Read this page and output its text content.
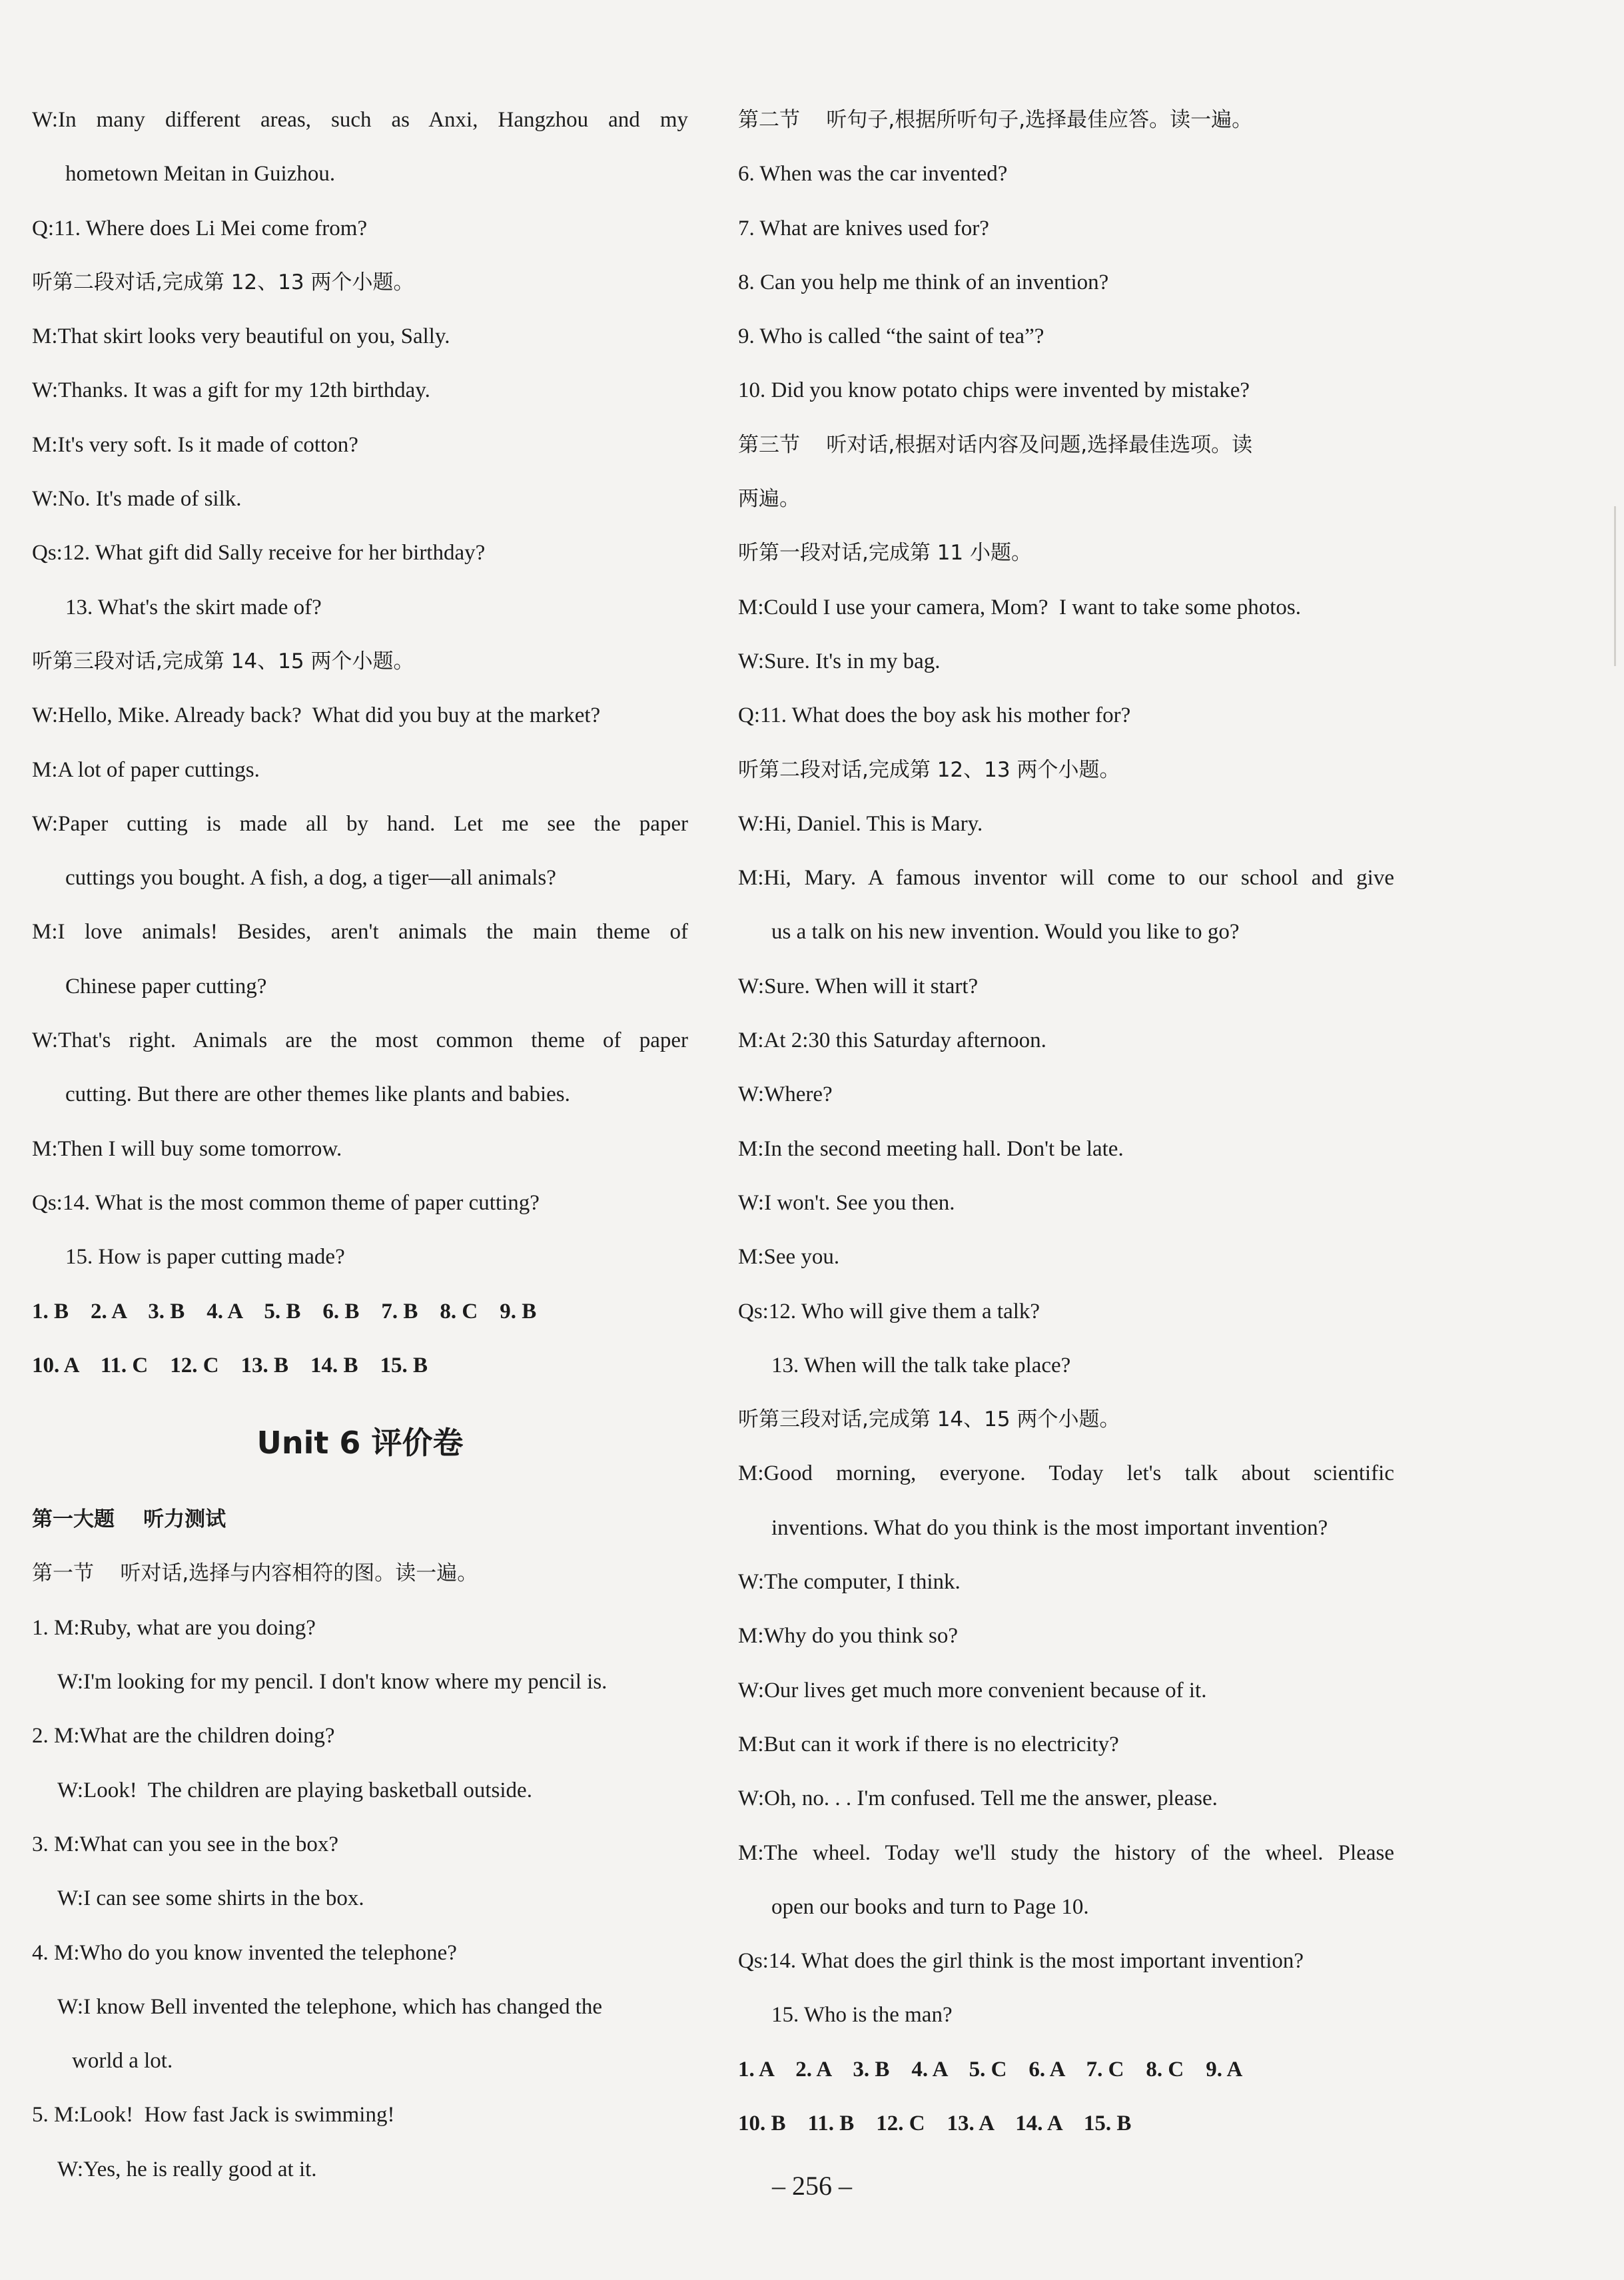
W:In many different areas, such as Anxi, Hangzhou and my
hometown Meitan in Guizhou.
Q:11. Where does Li Mei come from?
听第二段对话,完成第 12、13 两个小题。
M:That skirt looks very beautiful on you, Sally.
W:Thanks. It was a gift for my 12th birthday.
M:It's very soft. Is it made of cotton?
W:No. It's made of silk.
Qs:12. What gift did Sally receive for her birthday?
13. What's the skirt made of?
听第三段对话,完成第 14、15 两个小题。
W:Hello, Mike. Already back?  What did you buy at the market?
M:A lot of paper cuttings.
W:Paper cutting is made all by hand. Let me see the paper
cuttings you bought. A fish, a dog, a tiger—all animals?
M:I love animals! Besides, aren't animals the main theme of
Chinese paper cutting?
W:That's right. Animals are the most common theme of paper
cutting. But there are other themes like plants and babies.
M:Then I will buy some tomorrow.
Qs:14. What is the most common theme of paper cutting?
15. How is paper cutting made?
1. B    2. A    3. B    4. A    5. B    6. B    7. B    8. C    9. B
10. A    11. C    12. C    13. B    14. B    15. B
Unit 6 评价卷
第一大题    听力测试
第一节    听对话,选择与内容相符的图。读一遍。
1. M:Ruby, what are you doing?
W:I'm looking for my pencil. I don't know where my pencil is.
2. M:What are the children doing?
W:Look!  The children are playing basketball outside.
3. M:What can you see in the box?
W:I can see some shirts in the box.
4. M:Who do you know invented the telephone?
W:I know Bell invented the telephone, which has changed the
world a lot.
5. M:Look!  How fast Jack is swimming!
W:Yes, he is really good at it.
第二节    听句子,根据所听句子,选择最佳应答。读一遍。
6. When was the car invented?
7. What are knives used for?
8. Can you help me think of an invention?
9. Who is called “the saint of tea”?
10. Did you know potato chips were invented by mistake?
第三节    听对话,根据对话内容及问题,选择最佳选项。读
两遍。
听第一段对话,完成第 11 小题。
M:Could I use your camera, Mom?  I want to take some photos.
W:Sure. It's in my bag.
Q:11. What does the boy ask his mother for?
听第二段对话,完成第 12、13 两个小题。
W:Hi, Daniel. This is Mary.
M:Hi, Mary. A famous inventor will come to our school and give
us a talk on his new invention. Would you like to go?
W:Sure. When will it start?
M:At 2:30 this Saturday afternoon.
W:Where?
M:In the second meeting hall. Don't be late.
W:I won't. See you then.
M:See you.
Qs:12. Who will give them a talk?
13. When will the talk take place?
听第三段对话,完成第 14、15 两个小题。
M:Good morning, everyone. Today let's talk about scientific
inventions. What do you think is the most important invention?
W:The computer, I think.
M:Why do you think so?
W:Our lives get much more convenient because of it.
M:But can it work if there is no electricity?
W:Oh, no. . . I'm confused. Tell me the answer, please.
M:The wheel. Today we'll study the history of the wheel. Please
open our books and turn to Page 10.
Qs:14. What does the girl think is the most important invention?
15. Who is the man?
1. A    2. A    3. B    4. A    5. C    6. A    7. C    8. C    9. A
10. B    11. B    12. C    13. A    14. A    15. B
– 256 –
